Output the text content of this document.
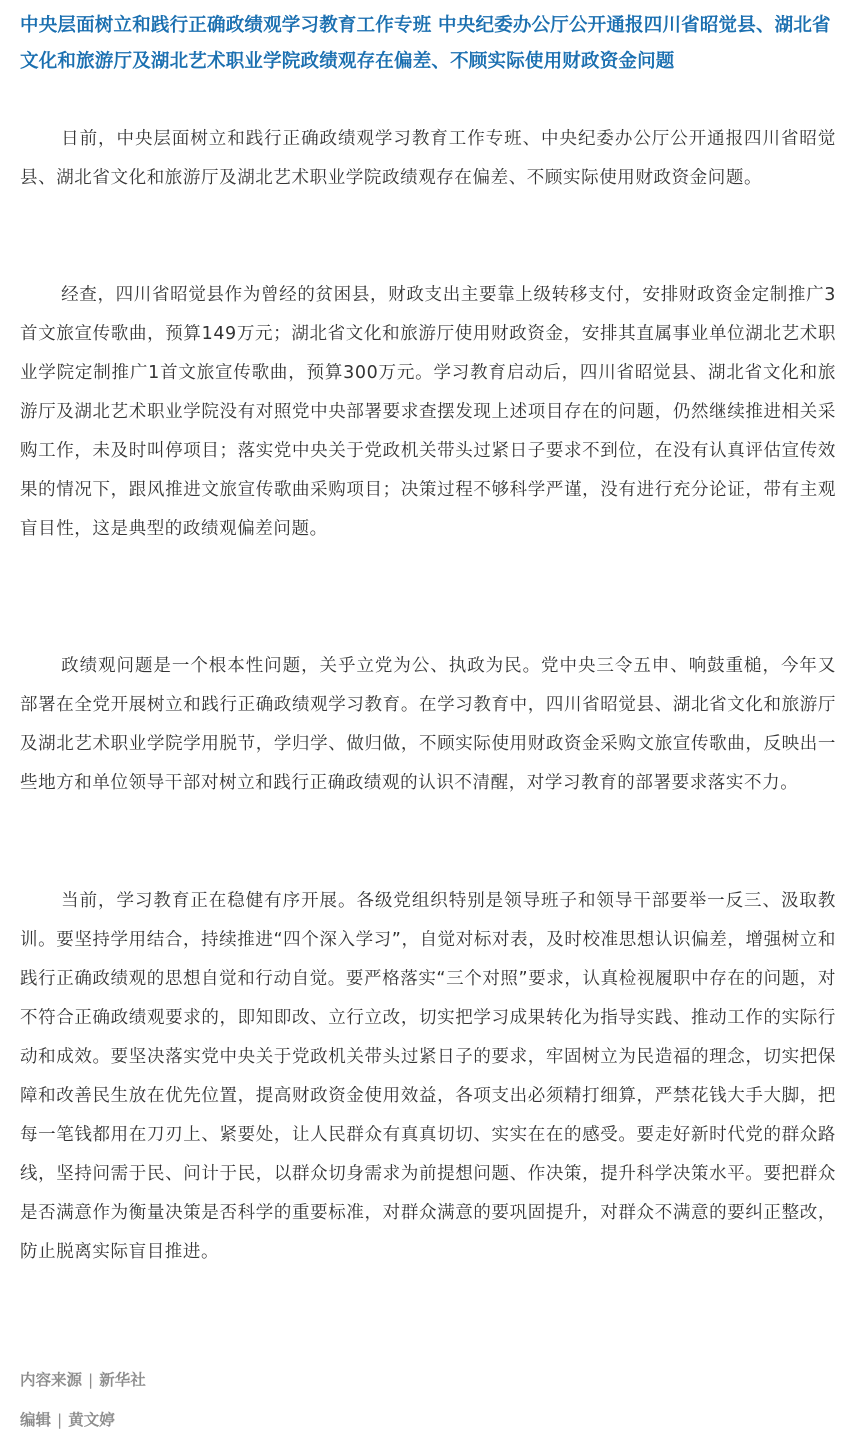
中央层面树立和践行正确政绩观学习教育工作专班 中央纪委办公厅公开通报四川省昭觉县、湖北省文化和旅游厅及湖北艺术职业学院政绩观存在偏差、不顾实际使用财政资金问题

日前，中央层面树立和践行正确政绩观学习教育工作专班、中央纪委办公厅公开通报四川省昭觉县、湖北省文化和旅游厅及湖北艺术职业学院政绩观存在偏差、不顾实际使用财政资金问题。

经查，四川省昭觉县作为曾经的贫困县，财政支出主要靠上级转移支付，安排财政资金定制推广3首文旅宣传歌曲，预算149万元；湖北省文化和旅游厅使用财政资金，安排其直属事业单位湖北艺术职业学院定制推广1首文旅宣传歌曲，预算300万元。学习教育启动后，四川省昭觉县、湖北省文化和旅游厅及湖北艺术职业学院没有对照党中央部署要求查摆发现上述项目存在的问题，仍然继续推进相关采购工作，未及时叫停项目；落实党中央关于党政机关带头过紧日子要求不到位，在没有认真评估宣传效果的情况下，跟风推进文旅宣传歌曲采购项目；决策过程不够科学严谨，没有进行充分论证，带有主观盲目性，这是典型的政绩观偏差问题。

政绩观问题是一个根本性问题，关乎立党为公、执政为民。党中央三令五申、响鼓重槌，今年又部署在全党开展树立和践行正确政绩观学习教育。在学习教育中，四川省昭觉县、湖北省文化和旅游厅及湖北艺术职业学院学用脱节，学归学、做归做，不顾实际使用财政资金采购文旅宣传歌曲，反映出一些地方和单位领导干部对树立和践行正确政绩观的认识不清醒，对学习教育的部署要求落实不力。

当前，学习教育正在稳健有序开展。各级党组织特别是领导班子和领导干部要举一反三、汲取教训。要坚持学用结合，持续推进“四个深入学习”，自觉对标对表，及时校准思想认识偏差，增强树立和践行正确政绩观的思想自觉和行动自觉。要严格落实“三个对照”要求，认真检视履职中存在的问题，对不符合正确政绩观要求的，即知即改、立行立改，切实把学习成果转化为指导实践、推动工作的实际行动和成效。要坚决落实党中央关于党政机关带头过紧日子的要求，牢固树立为民造福的理念，切实把保障和改善民生放在优先位置，提高财政资金使用效益，各项支出必须精打细算，严禁花钱大手大脚，把每一笔钱都用在刀刃上、紧要处，让人民群众有真真切切、实实在在的感受。要走好新时代党的群众路线，坚持问需于民、问计于民，以群众切身需求为前提想问题、作决策，提升科学决策水平。要把群众是否满意作为衡量决策是否科学的重要标准，对群众满意的要巩固提升，对群众不满意的要纠正整改，防止脱离实际盲目推进。

内容来源 | 新华社
编辑 | 黄文婷
